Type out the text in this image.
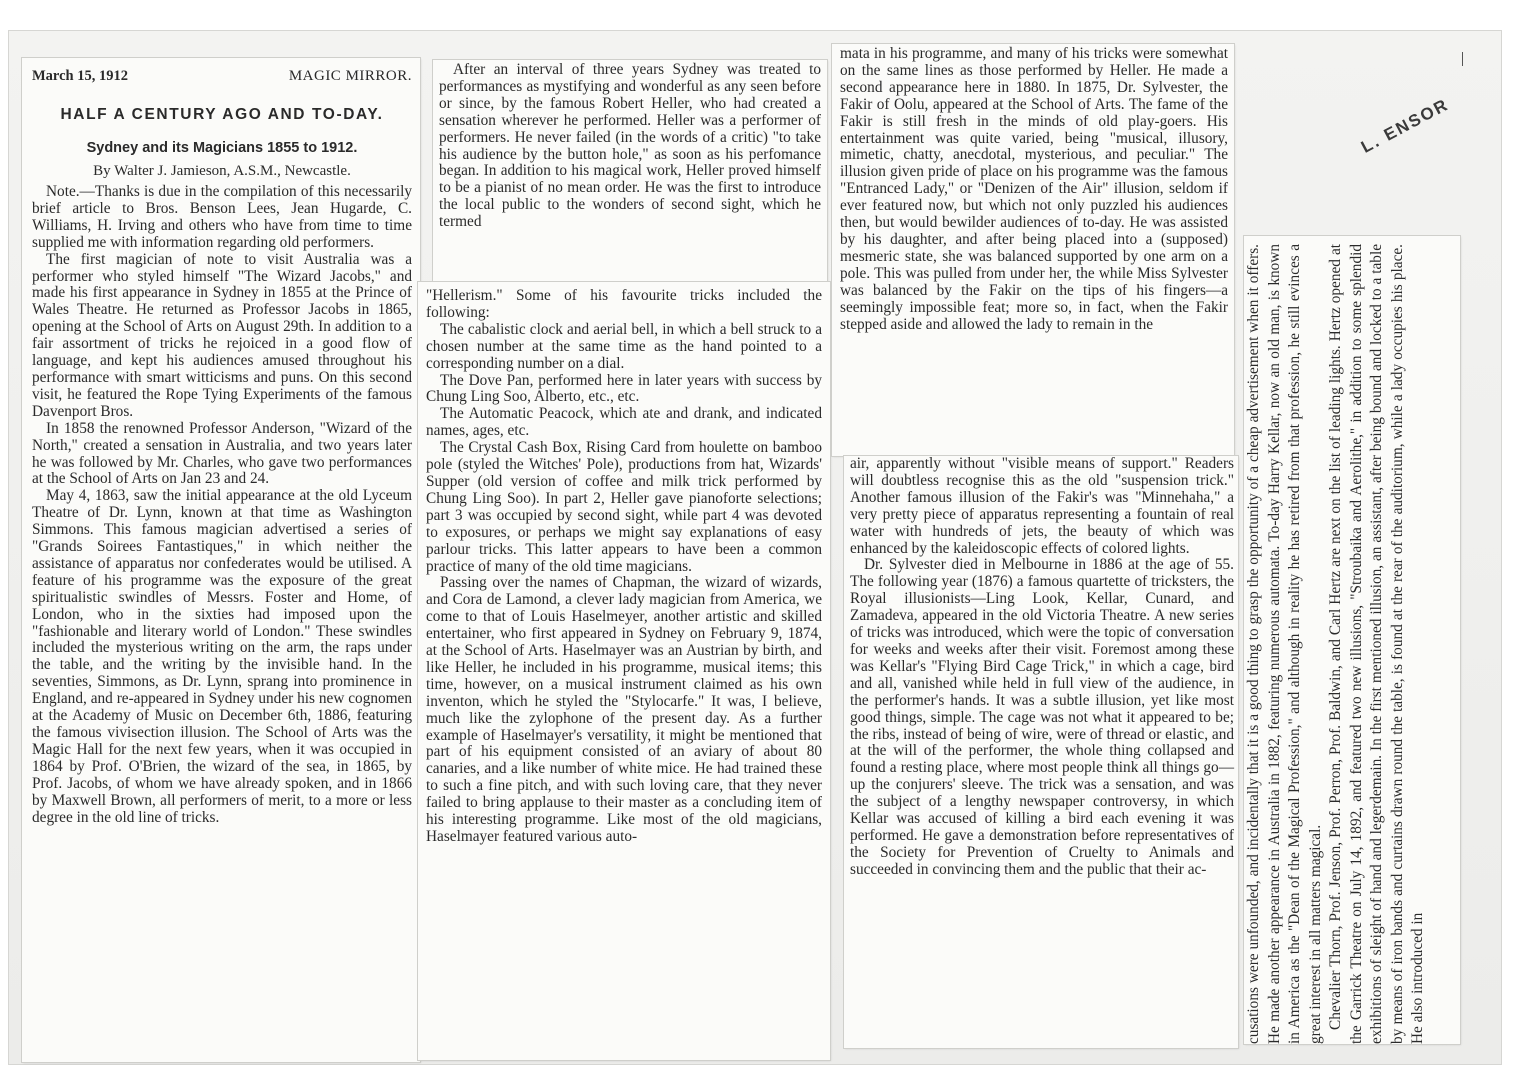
March 15, 1912	MAGIC MIRROR.
HALF A CENTURY AGO AND TO-DAY.
Sydney and its Magicians 1855 to 1912.
By Walter J. Jamieson, A.S.M., Newcastle.

Note.—Thanks is due in the compilation of this necessarily brief article to Bros. Benson Lees, Jean Hugarde, C. Williams, H. Irving and others who have from time to time supplied me with information regarding old performers.

The first magician of note to visit Australia was a performer who styled himself "The Wizard Jacobs," and made his first appearance in Sydney in 1855 at the Prince of Wales Theatre. He returned as Professor Jacobs in 1865, opening at the School of Arts on August 29th. In addition to a fair assortment of tricks he rejoiced in a good flow of language, and kept his audiences amused throughout his performance with smart witticisms and puns. On this second visit, he featured the Rope Tying Experiments of the famous Davenport Bros.

In 1858 the renowned Professor Anderson, "Wizard of the North," created a sensation in Australia, and two years later he was followed by Mr. Charles, who gave two performances at the School of Arts on Jan 23 and 24.

May 4, 1863, saw the initial appearance at the old Lyceum Theatre of Dr. Lynn, known at that time as Washington Simmons. This famous magician advertised a series of "Grands Soirees Fantastiques," in which neither the assistance of apparatus nor confederates would be utilised. A feature of his programme was the exposure of the great spiritualistic swindles of Messrs. Foster and Home, of London, who in the sixties had imposed upon the "fashionable and literary world of London." These swindles included the mysterious writing on the arm, the raps under the table, and the writing by the invisible hand. In the seventies, Simmons, as Dr. Lynn, sprang into prominence in England, and re-appeared in Sydney under his new cognomen at the Academy of Music on December 6th, 1886, featuring the famous vivisection illusion. The School of Arts was the Magic Hall for the next few years, when it was occupied in 1864 by Prof. O'Brien, the wizard of the sea, in 1865, by Prof. Jacobs, of whom we have already spoken, and in 1866 by Maxwell Brown, all performers of merit, to a more or less degree in the old line of tricks.

After an interval of three years Sydney was treated to performances as mystifying and wonderful as any seen before or since, by the famous Robert Heller, who had created a sensation wherever he performed. Heller was a performer of performers. He never failed (in the words of a critic) "to take his audience by the button hole," as soon as his perfomance began. In addition to his magical work, Heller proved himself to be a pianist of no mean order. He was the first to introduce the local public to the wonders of second sight, which he termed

"Hellerism." Some of his favourite tricks included the following:

The cabalistic clock and aerial bell, in which a bell struck to a chosen number at the same time as the hand pointed to a corresponding number on a dial.

The Dove Pan, performed here in later years with success by Chung Ling Soo, Alberto, etc., etc.

The Automatic Peacock, which ate and drank, and indicated names, ages, etc.

The Crystal Cash Box, Rising Card from houlette on bamboo pole (styled the Witches' Pole), productions from hat, Wizards' Supper (old version of coffee and milk trick performed by Chung Ling Soo). In part 2, Heller gave pianoforte selections; part 3 was occupied by second sight, while part 4 was devoted to exposures, or perhaps we might say explanations of easy parlour tricks. This latter appears to have been a common practice of many of the old time magicians.

Passing over the names of Chapman, the wizard of wizards, and Cora de Lamond, a clever lady magician from America, we come to that of Louis Haselmeyer, another artistic and skilled entertainer, who first appeared in Sydney on February 9, 1874, at the School of Arts. Haselmayer was an Austrian by birth, and like Heller, he included in his programme, musical items; this time, however, on a musical instrument claimed as his own inventon, which he styled the "Stylocarfe." It was, I believe, much like the zylophone of the present day. As a further example of Haselmayer's versatility, it might be mentioned that part of his equipment consisted of an aviary of about 80 canaries, and a like number of white mice. He had trained these to such a fine pitch, and with such loving care, that they never failed to bring applause to their master as a concluding item of his interesting programme. Like most of the old magicians, Haselmayer featured various auto-

mata in his programme, and many of his tricks were somewhat on the same lines as those performed by Heller. He made a second appearance here in 1880. In 1875, Dr. Sylvester, the Fakir of Oolu, appeared at the School of Arts. The fame of the Fakir is still fresh in the minds of old play-goers. His entertainment was quite varied, being "musical, illusory, mimetic, chatty, anecdotal, mysterious, and peculiar." The illusion given pride of place on his programme was the famous "Entranced Lady," or "Denizen of the Air" illusion, seldom if ever featured now, but which not only puzzled his audiences then, but would bewilder audiences of to-day. He was assisted by his daughter, and after being placed into a (supposed) mesmeric state, she was balanced supported by one arm on a pole. This was pulled from under her, the while Miss Sylvester was balanced by the Fakir on the tips of his fingers—a seemingly impossible feat; more so, in fact, when the Fakir stepped aside and allowed the lady to remain in the

air, apparently without "visible means of support." Readers will doubtless recognise this as the old "suspension trick." Another famous illusion of the Fakir's was "Minnehaha," a very pretty piece of apparatus representing a fountain of real water with hundreds of jets, the beauty of which was enhanced by the kaleidoscopic effects of colored lights.

Dr. Sylvester died in Melbourne in 1886 at the age of 55. The following year (1876) a famous quartette of tricksters, the Royal illusionists—Ling Look, Kellar, Cunard, and Zamadeva, appeared in the old Victoria Theatre. A new series of tricks was introduced, which were the topic of conversation for weeks and weeks after their visit. Foremost among these was Kellar's "Flying Bird Cage Trick," in which a cage, bird and all, vanished while held in full view of the audience, in the performer's hands. It was a subtle illusion, yet like most good things, simple. The cage was not what it appeared to be; the ribs, instead of being of wire, were of thread or elastic, and at the will of the performer, the whole thing collapsed and found a resting place, where most people think all things go—up the conjurers' sleeve. The trick was a sensation, and was the subject of a lengthy newspaper controversy, in which Kellar was accused of killing a bird each evening it was performed. He gave a demonstration before representatives of the Society for Prevention of Cruelty to Animals and succeeded in convincing them and the public that their ac-	cusations were unfounded, and incidentally that it is a good thing to grasp the opportunity of a cheap advertisement when it offers. He made another appearance in Australia in 1882, featuring numerous automata. To-day Harry Kellar, now an old man, is known in America as the "Dean of the Magical Profession," and although in reality he has retired from that profession, he still evinces a great interest in all matters magical. Chevalier Thorn, Prof. Jenson, Prof. Perron, Prof. Baldwin, and Carl Hertz are next on the list of leading lights. Hertz opened at the Garrick Theatre on July 14, 1892, and featured two new illusions, "Stroubaika and Aerolithe," in addition to some splendid exhibitions of sleight of hand and legerdemain. In the first mentioned illusion, an assistant, after being bound and locked to a table by means of iron bands and curtains drawn round the table, is found at the rear of the auditorium, while a lady occupies his place. He also introduced in

L. ENSOR
